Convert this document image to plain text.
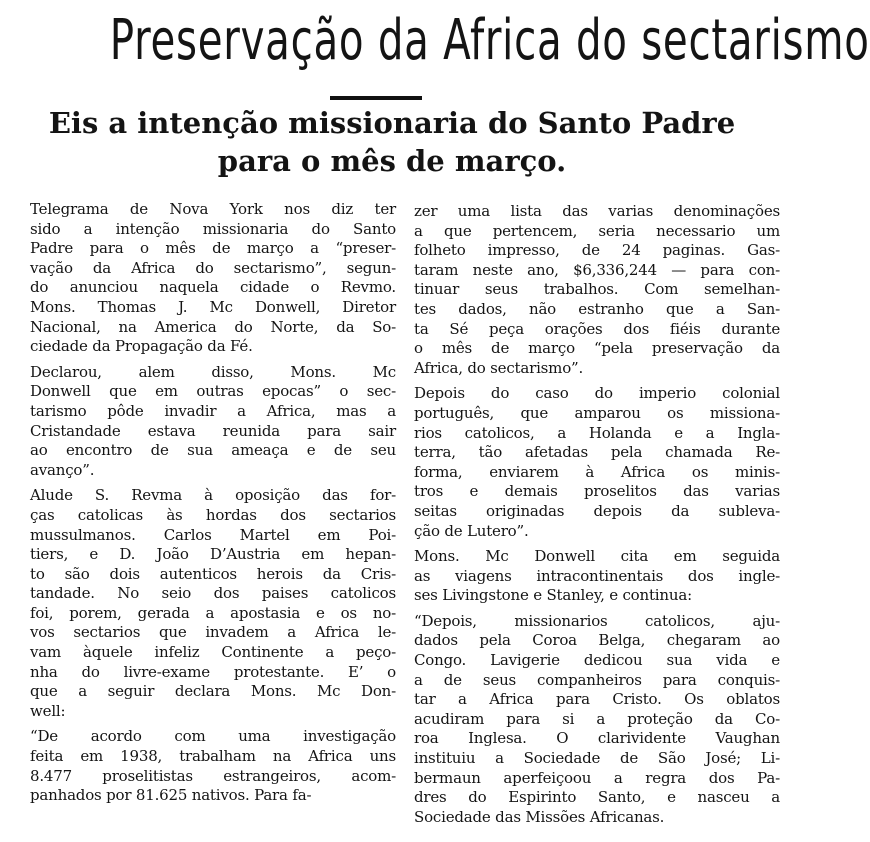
Preservação da Africa do sectarismo
Eis a intenção missionaria do Santo Padre
para o mês de março.

Telegrama de Nova York nos diz ter
sido a intenção missionaria do Santo
Padre para o mês de março a “preser-
vação da Africa do sectarismo”, segun-
do anunciou naquela cidade o Revmo.
Mons. Thomas J. Mc Donwell, Diretor
Nacional, na America do Norte, da So-
ciedade da Propagação da Fé.

Declarou, alem disso, Mons. Mc
Donwell que em outras epocas” o sec-
tarismo pôde invadir a Africa, mas a
Cristandade estava reunida para sair
ao encontro de sua ameaça e de seu
avanço”.

Alude S. Revma à oposição das for-
ças catolicas às hordas dos sectarios
mussulmanos. Carlos Martel em Poi-
tiers, e D. João D’Austria em hepan-
to são dois autenticos herois da Cris-
tandade. No seio dos paises catolicos
foi, porem, gerada a apostasia e os no-
vos sectarios que invadem a Africa le-
vam àquele infeliz Continente a peço-
nha do livre-exame protestante. E’ o
que a seguir declara Mons. Mc Don-
well:

“De acordo com uma investigação
feita em 1938, trabalham na Africa uns
8.477 proselitistas estrangeiros, acom-
panhados por 81.625 nativos. Para fa-

zer uma lista das varias denominações
a que pertencem, seria necessario um
folheto impresso, de 24 paginas. Gas-
taram neste ano, $6,336,244 — para con-
tinuar seus trabalhos. Com semelhan-
tes dados, não estranho que a San-
ta Sé peça orações dos fiéis durante
o mês de março “pela preservação da
Africa, do sectarismo”.

Depois do caso do imperio colonial
português, que amparou os missiona-
rios catolicos, a Holanda e a Ingla-
terra, tão afetadas pela chamada Re-
forma, enviarem à Africa os minis-
tros e demais proselitos das varias
seitas originadas depois da subleva-
ção de Lutero”.

Mons. Mc Donwell cita em seguida
as viagens intracontinentais dos ingle-
ses Livingstone e Stanley, e continua:

“Depois, missionarios catolicos, aju-
dados pela Coroa Belga, chegaram ao
Congo. Lavigerie dedicou sua vida e
a de seus companheiros para conquis-
tar a Africa para Cristo. Os oblatos
acudiram para si a proteção da Co-
roa Inglesa. O clarividente Vaughan
instituiu a Sociedade de São José; Li-
bermaun aperfeiçoou a regra dos Pa-
dres do Espirinto Santo, e nasceu a
Sociedade das Missões Africanas.
